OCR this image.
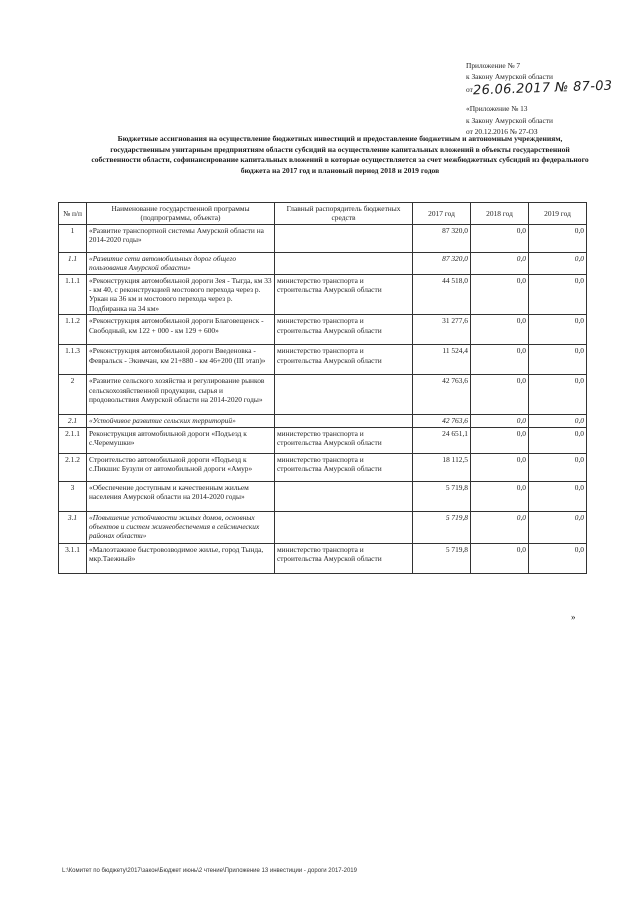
Приложение № 7
к Закону Амурской области
от26.06.2017 № 87-03
«Приложение № 13
к Закону Амурской области
от 20.12.2016 № 27-ОЗ
Бюджетные ассигнования на осуществление бюджетных инвестиций и предоставление бюджетным и автономным учреждениям,
государственным унитарным предприятиям области субсидий на осуществление капитальных вложений в объекты государственной
собственности области, софинансирование капитальных вложений в которые осуществляется за счет межбюджетных субсидий из федерального
бюджета на 2017 год и плановый период 2018 и 2019 годов
№ п/п	Наименование государственной программы (подпрограммы, объекта)	Главный распорядитель бюджетных средств	2017 год	2018 год	2019 год
1	«Развитие транспортной системы Амурской области на 2014-2020 годы»		87 320,0	0,0	0,0
1.1	«Развитие сети автомобильных дорог общего пользования Амурской области»		87 320,0	0,0	0,0
1.1.1	«Реконструкция автомобильной дороги Зея - Тыгда, км 33 - км 40, с реконструкцией мостового перехода через р. Уркан на 36 км и мостового перехода через р. Подбиранка на 34 км»	министерство транспорта и строительства Амурской области	44 518,0	0,0	0,0
1.1.2	«Реконструкция автомобильной дороги Благовещенск - Свободный, км 122 + 000 - км 129 + 600»	министерство транспорта и строительства Амурской области	31 277,6	0,0	0,0
1.1.3	«Реконструкция автомобильной дороги Введеновка - Февральск - Экимчан, км 21+880 - км 46+200 (III этап)»	министерство транспорта и строительства Амурской области	11 524,4	0,0	0,0
2	«Развитие сельского хозяйства и регулирование рынков сельскохозяйственной продукции, сырья и продовольствия Амурской области на 2014-2020 годы»		42 763,6	0,0	0,0
2.1	«Устойчивое развитие сельских территорий»		42 763,6	0,0	0,0
2.1.1	Реконструкция автомобильной дороги «Подъезд к с.Черемушки»	министерство транспорта и строительства Амурской области	24 651,1	0,0	0,0
2.1.2	Строительство автомобильной дороги «Подъезд к с.Пикшис Бузули от автомобильной дороги «Амур»	министерство транспорта и строительства Амурской области	18 112,5	0,0	0,0
3	«Обеспечение доступным и качественным жильем населения Амурской области на 2014-2020 годы»		5 719,8	0,0	0,0
3.1	«Повышение устойчивости жилых домов, основных объектов и систем жизнеобеспечения в сейсмических районах области»		5 719,8	0,0	0,0
3.1.1	«Малоэтажное быстровозводимое жилье, город Тында, мкр.Таежный»	министерство транспорта и строительства Амурской области	5 719,8	0,0	0,0
»
L:\Комитет по бюджету\2017\закон\Бюджет июнь\2 чтение\Приложение 13 инвестиции - дороги 2017-2019
